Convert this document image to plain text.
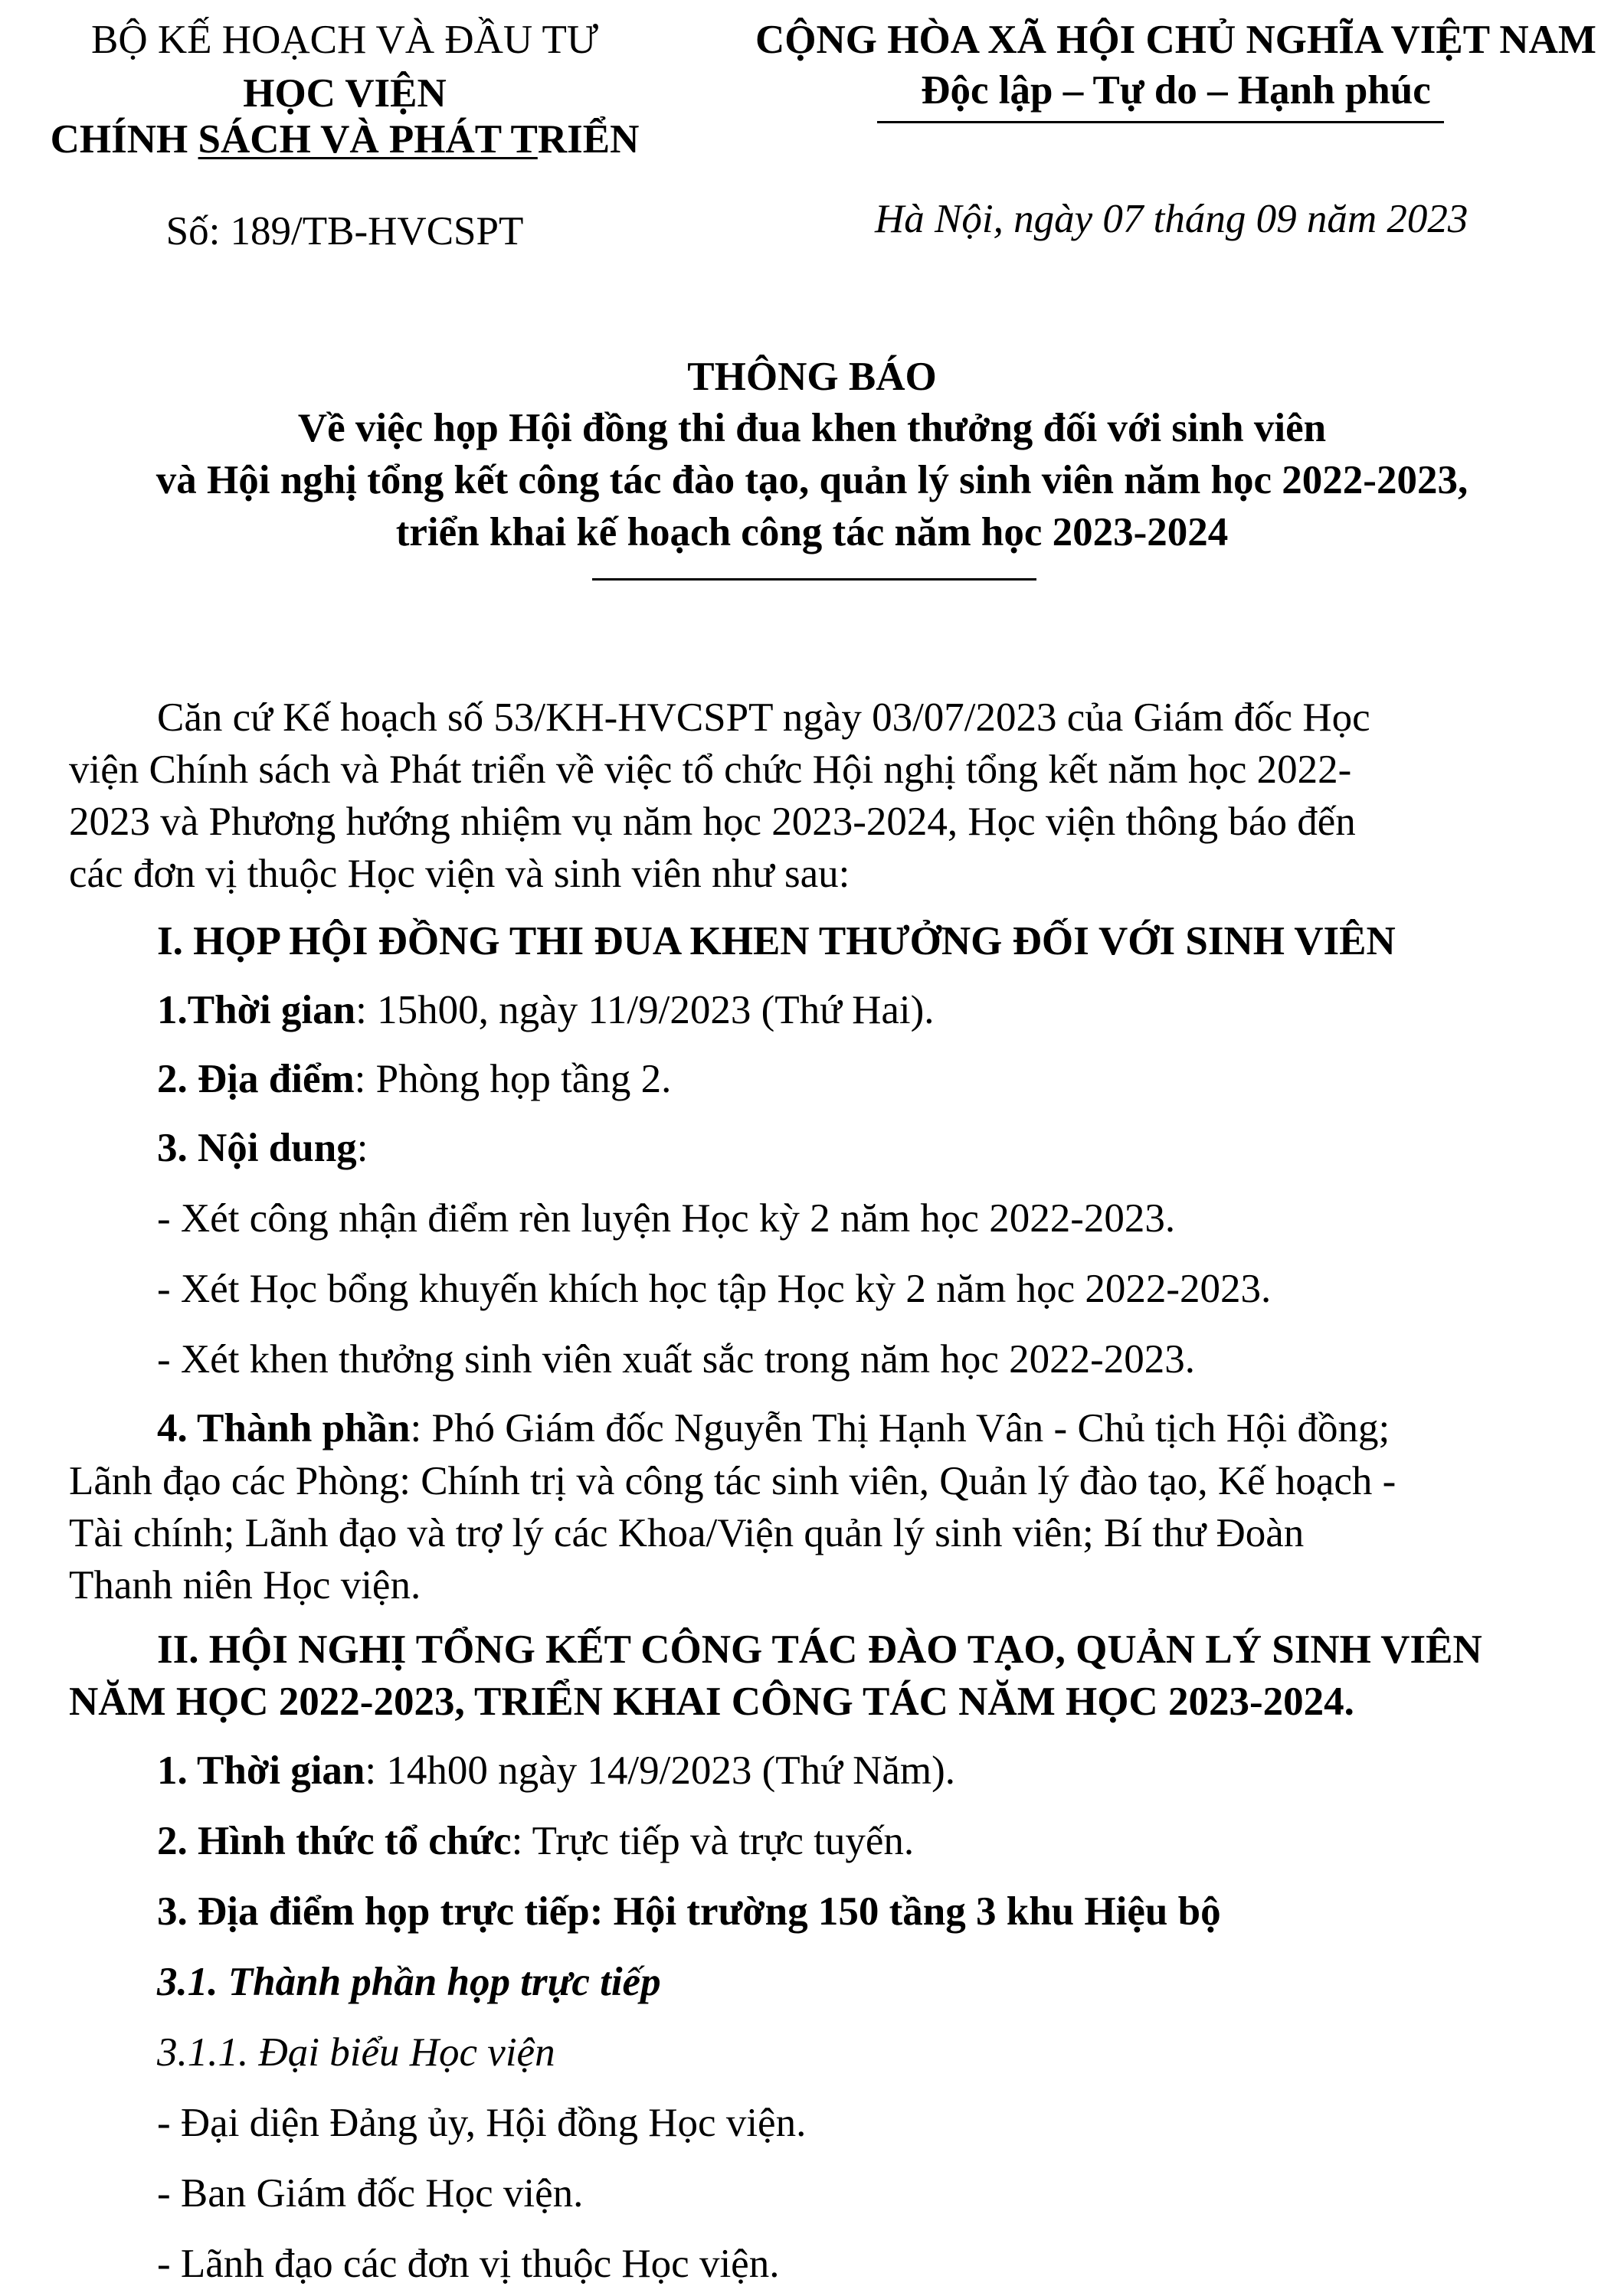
BỘ KẾ HOẠCH VÀ ĐẦU TƯ
HỌC VIỆN
CHÍNH SÁCH VÀ PHÁT TRIỂN
Số: 189/TB-HVCSPT
CỘNG HÒA XÃ HỘI CHỦ NGHĨA VIỆT NAM
Độc lập – Tự do – Hạnh phúc
Hà Nội, ngày 07 tháng 09 năm 2023
THÔNG BÁO
Về việc họp Hội đồng thi đua khen thưởng đối với sinh viên
và Hội nghị tổng kết công tác đào tạo, quản lý sinh viên năm học 2022-2023,
triển khai kế hoạch công tác năm học 2023-2024
Căn cứ Kế hoạch số 53/KH-HVCSPT ngày 03/07/2023 của Giám đốc Học
viện Chính sách và Phát triển về việc tổ chức Hội nghị tổng kết năm học 2022-
2023 và Phương hướng nhiệm vụ năm học 2023-2024, Học viện thông báo đến
các đơn vị thuộc Học viện và sinh viên như sau:
I. HỌP HỘI ĐỒNG THI ĐUA KHEN THƯỞNG ĐỐI VỚI SINH VIÊN
1.Thời gian: 15h00, ngày 11/9/2023 (Thứ Hai).
2. Địa điểm: Phòng họp tầng 2.
3. Nội dung:
- Xét công nhận điểm rèn luyện Học kỳ 2 năm học 2022-2023.
- Xét Học bổng khuyến khích học tập Học kỳ 2 năm học 2022-2023.
- Xét khen thưởng sinh viên xuất sắc trong năm học 2022-2023.
4. Thành phần: Phó Giám đốc Nguyễn Thị Hạnh Vân - Chủ tịch Hội đồng;
Lãnh đạo các Phòng: Chính trị và công tác sinh viên, Quản lý đào tạo, Kế hoạch -
Tài chính; Lãnh đạo và trợ lý các Khoa/Viện quản lý sinh viên; Bí thư Đoàn
Thanh niên Học viện.
II. HỘI NGHỊ TỔNG KẾT CÔNG TÁC ĐÀO TẠO, QUẢN LÝ SINH VIÊN
NĂM HỌC 2022-2023, TRIỂN KHAI CÔNG TÁC NĂM HỌC 2023-2024.
1. Thời gian: 14h00 ngày 14/9/2023 (Thứ Năm).
2. Hình thức tổ chức: Trực tiếp và trực tuyến.
3. Địa điểm họp trực tiếp: Hội trường 150 tầng 3 khu Hiệu bộ
3.1. Thành phần họp trực tiếp
3.1.1. Đại biểu Học viện
- Đại diện Đảng ủy, Hội đồng Học viện.
- Ban Giám đốc Học viện.
- Lãnh đạo các đơn vị thuộc Học viện.
